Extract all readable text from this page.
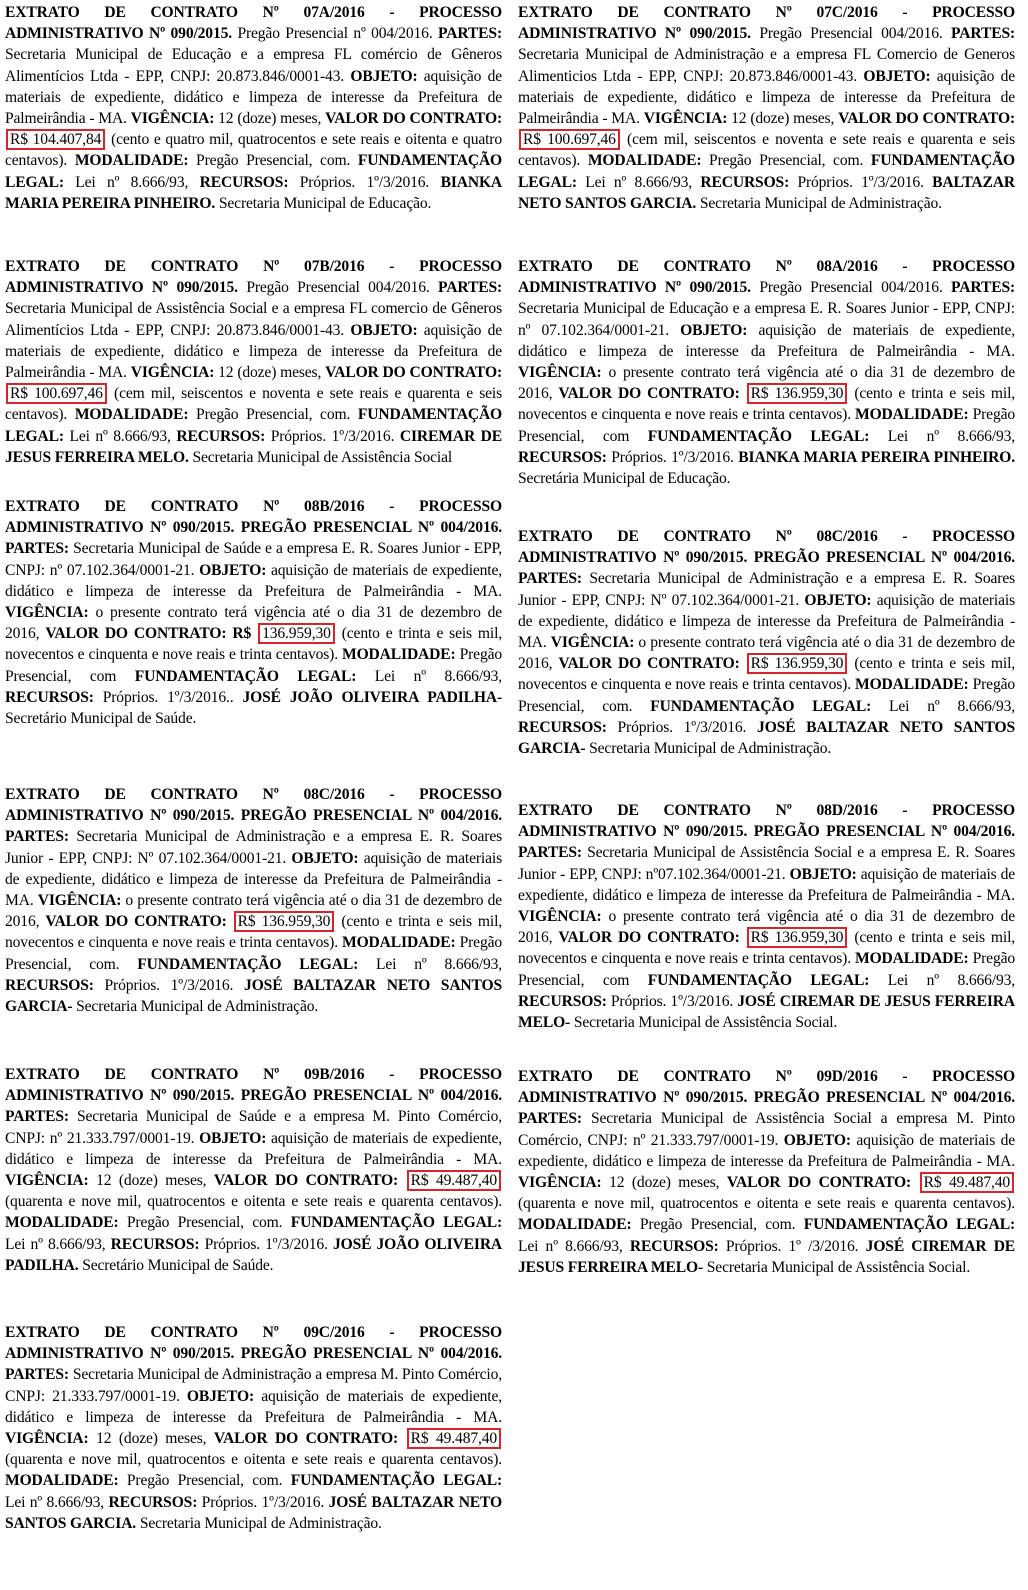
EXTRATO DE CONTRATO Nº 07A/2016 - PROCESSO ADMINISTRATIVO Nº 090/2015. Pregão Presencial nº 004/2016. PARTES: Secretaria Municipal de Educação e a empresa FL comércio de Gêneros Alimentícios Ltda - EPP, CNPJ: 20.873.846/0001-43. OBJETO: aquisição de materiais de expediente, didático e limpeza de interesse da Prefeitura de Palmeirândia - MA. VIGÊNCIA: 12 (doze) meses, VALOR DO CONTRATO: R$ 104.407,84 (cento e quatro mil, quatrocentos e sete reais e oitenta e quatro centavos). MODALIDADE: Pregão Presencial, com. FUNDAMENTAÇÃO LEGAL: Lei nº 8.666/93, RECURSOS: Próprios. 1º/3/2016. BIANKA MARIA PEREIRA PINHEIRO. Secretaria Municipal de Educação.

EXTRATO DE CONTRATO Nº 07B/2016 - PROCESSO ADMINISTRATIVO Nº 090/2015. Pregão Presencial 004/2016. PARTES: Secretaria Municipal de Assistência Social e a empresa FL comercio de Gêneros Alimentícios Ltda - EPP, CNPJ: 20.873.846/0001-43. OBJETO: aquisição de materiais de expediente, didático e limpeza de interesse da Prefeitura de Palmeirândia - MA. VIGÊNCIA: 12 (doze) meses, VALOR DO CONTRATO: R$ 100.697,46 (cem mil, seiscentos e noventa e sete reais e quarenta e seis centavos). MODALIDADE: Pregão Presencial, com. FUNDAMENTAÇÃO LEGAL: Lei nº 8.666/93, RECURSOS: Próprios. 1º/3/2016. CIREMAR DE JESUS FERREIRA MELO. Secretaria Municipal de Assistência Social

EXTRATO DE CONTRATO Nº 08B/2016 - PROCESSO ADMINISTRATIVO Nº 090/2015. PREGÃO PRESENCIAL Nº 004/2016. PARTES: Secretaria Municipal de Saúde e a empresa E. R. Soares Junior - EPP, CNPJ: nº 07.102.364/0001-21. OBJETO: aquisição de materiais de expediente, didático e limpeza de interesse da Prefeitura de Palmeirândia - MA. VIGÊNCIA: o presente contrato terá vigência até o dia 31 de dezembro de 2016, VALOR DO CONTRATO: R$ 136.959,30 (cento e trinta e seis mil, novecentos e cinquenta e nove reais e trinta centavos). MODALIDADE: Pregão Presencial, com FUNDAMENTAÇÃO LEGAL: Lei nº 8.666/93, RECURSOS: Próprios. 1º/3/2016.. JOSÉ JOÃO OLIVEIRA PADILHA- Secretário Municipal de Saúde.

EXTRATO DE CONTRATO Nº 08C/2016 - PROCESSO ADMINISTRATIVO Nº 090/2015. PREGÃO PRESENCIAL Nº 004/2016. PARTES: Secretaria Municipal de Administração e a empresa E. R. Soares Junior - EPP, CNPJ: Nº 07.102.364/0001-21. OBJETO: aquisição de materiais de expediente, didático e limpeza de interesse da Prefeitura de Palmeirândia - MA. VIGÊNCIA: o presente contrato terá vigência até o dia 31 de dezembro de 2016, VALOR DO CONTRATO: R$ 136.959,30 (cento e trinta e seis mil, novecentos e cinquenta e nove reais e trinta centavos). MODALIDADE: Pregão Presencial, com. FUNDAMENTAÇÃO LEGAL: Lei nº 8.666/93, RECURSOS: Próprios. 1º/3/2016. JOSÉ BALTAZAR NETO SANTOS GARCIA- Secretaria Municipal de Administração.

EXTRATO DE CONTRATO Nº 09B/2016 - PROCESSO ADMINISTRATIVO Nº 090/2015. PREGÃO PRESENCIAL Nº 004/2016. PARTES: Secretaria Municipal de Saúde e a empresa M. Pinto Comércio, CNPJ: nº 21.333.797/0001-19. OBJETO: aquisição de materiais de expediente, didático e limpeza de interesse da Prefeitura de Palmeirândia - MA. VIGÊNCIA: 12 (doze) meses, VALOR DO CONTRATO: R$ 49.487,40 (quarenta e nove mil, quatrocentos e oitenta e sete reais e quarenta centavos). MODALIDADE: Pregão Presencial, com. FUNDAMENTAÇÃO LEGAL: Lei nº 8.666/93, RECURSOS: Próprios. 1º/3/2016. JOSÉ JOÃO OLIVEIRA PADILHA. Secretário Municipal de Saúde.

EXTRATO DE CONTRATO Nº 09C/2016 - PROCESSO ADMINISTRATIVO Nº 090/2015. PREGÃO PRESENCIAL Nº 004/2016. PARTES: Secretaria Municipal de Administração a empresa M. Pinto Comércio, CNPJ: 21.333.797/0001-19. OBJETO: aquisição de materiais de expediente, didático e limpeza de interesse da Prefeitura de Palmeirândia - MA. VIGÊNCIA: 12 (doze) meses, VALOR DO CONTRATO: R$ 49.487,40 (quarenta e nove mil, quatrocentos e oitenta e sete reais e quarenta centavos). MODALIDADE: Pregão Presencial, com. FUNDAMENTAÇÃO LEGAL: Lei nº 8.666/93, RECURSOS: Próprios. 1º/3/2016. JOSÉ BALTAZAR NETO SANTOS GARCIA. Secretaria Municipal de Administração.

EXTRATO DE CONTRATO Nº 07C/2016 - PROCESSO ADMINISTRATIVO Nº 090/2015. Pregão Presencial 004/2016. PARTES: Secretaria Municipal de Administração e a empresa FL Comercio de Generos Alimenticios Ltda - EPP, CNPJ: 20.873.846/0001-43. OBJETO: aquisição de materiais de expediente, didático e limpeza de interesse da Prefeitura de Palmeirândia - MA. VIGÊNCIA: 12 (doze) meses, VALOR DO CONTRATO: R$ 100.697,46 (cem mil, seiscentos e noventa e sete reais e quarenta e seis centavos). MODALIDADE: Pregão Presencial, com. FUNDAMENTAÇÃO LEGAL: Lei nº 8.666/93, RECURSOS: Próprios. 1º/3/2016. BALTAZAR NETO SANTOS GARCIA. Secretaria Municipal de Administração.

EXTRATO DE CONTRATO Nº 08A/2016 - PROCESSO ADMINISTRATIVO Nº 090/2015. Pregão Presencial 004/2016. PARTES: Secretaria Municipal de Educação e a empresa E. R. Soares Junior - EPP, CNPJ: nº 07.102.364/0001-21. OBJETO: aquisição de materiais de expediente, didático e limpeza de interesse da Prefeitura de Palmeirândia - MA. VIGÊNCIA: o presente contrato terá vigência até o dia 31 de dezembro de 2016, VALOR DO CONTRATO: R$ 136.959,30 (cento e trinta e seis mil, novecentos e cinquenta e nove reais e trinta centavos). MODALIDADE: Pregão Presencial, com FUNDAMENTAÇÃO LEGAL: Lei nº 8.666/93, RECURSOS: Próprios. 1º/3/2016. BIANKA MARIA PEREIRA PINHEIRO. Secretária Municipal de Educação.

EXTRATO DE CONTRATO Nº 08C/2016 - PROCESSO ADMINISTRATIVO Nº 090/2015. PREGÃO PRESENCIAL Nº 004/2016. PARTES: Secretaria Municipal de Administração e a empresa E. R. Soares Junior - EPP, CNPJ: Nº 07.102.364/0001-21. OBJETO: aquisição de materiais de expediente, didático e limpeza de interesse da Prefeitura de Palmeirândia - MA. VIGÊNCIA: o presente contrato terá vigência até o dia 31 de dezembro de 2016, VALOR DO CONTRATO: R$ 136.959,30 (cento e trinta e seis mil, novecentos e cinquenta e nove reais e trinta centavos). MODALIDADE: Pregão Presencial, com. FUNDAMENTAÇÃO LEGAL: Lei nº 8.666/93, RECURSOS: Próprios. 1º/3/2016. JOSÉ BALTAZAR NETO SANTOS GARCIA- Secretaria Municipal de Administração.

EXTRATO DE CONTRATO Nº 08D/2016 - PROCESSO ADMINISTRATIVO Nº 090/2015. PREGÃO PRESENCIAL Nº 004/2016. PARTES: Secretaria Municipal de Assistência Social e a empresa E. R. Soares Junior - EPP, CNPJ: nº07.102.364/0001-21. OBJETO: aquisição de materiais de expediente, didático e limpeza de interesse da Prefeitura de Palmeirândia - MA. VIGÊNCIA: o presente contrato terá vigência até o dia 31 de dezembro de 2016, VALOR DO CONTRATO: R$ 136.959,30 (cento e trinta e seis mil, novecentos e cinquenta e nove reais e trinta centavos). MODALIDADE: Pregão Presencial, com FUNDAMENTAÇÃO LEGAL: Lei nº 8.666/93, RECURSOS: Próprios. 1º/3/2016. JOSÉ CIREMAR DE JESUS FERREIRA MELO- Secretaria Municipal de Assistência Social.

EXTRATO DE CONTRATO Nº 09D/2016 - PROCESSO ADMINISTRATIVO Nº 090/2015. PREGÃO PRESENCIAL Nº 004/2016. PARTES: Secretaria Municipal de Assistência Social a empresa M. Pinto Comércio, CNPJ: nº 21.333.797/0001-19. OBJETO: aquisição de materiais de expediente, didático e limpeza de interesse da Prefeitura de Palmeirândia - MA. VIGÊNCIA: 12 (doze) meses, VALOR DO CONTRATO: R$ 49.487,40 (quarenta e nove mil, quatrocentos e oitenta e sete reais e quarenta centavos). MODALIDADE: Pregão Presencial, com. FUNDAMENTAÇÃO LEGAL: Lei nº 8.666/93, RECURSOS: Próprios. 1º /3/2016. JOSÉ CIREMAR DE JESUS FERREIRA MELO- Secretaria Municipal de Assistência Social.
